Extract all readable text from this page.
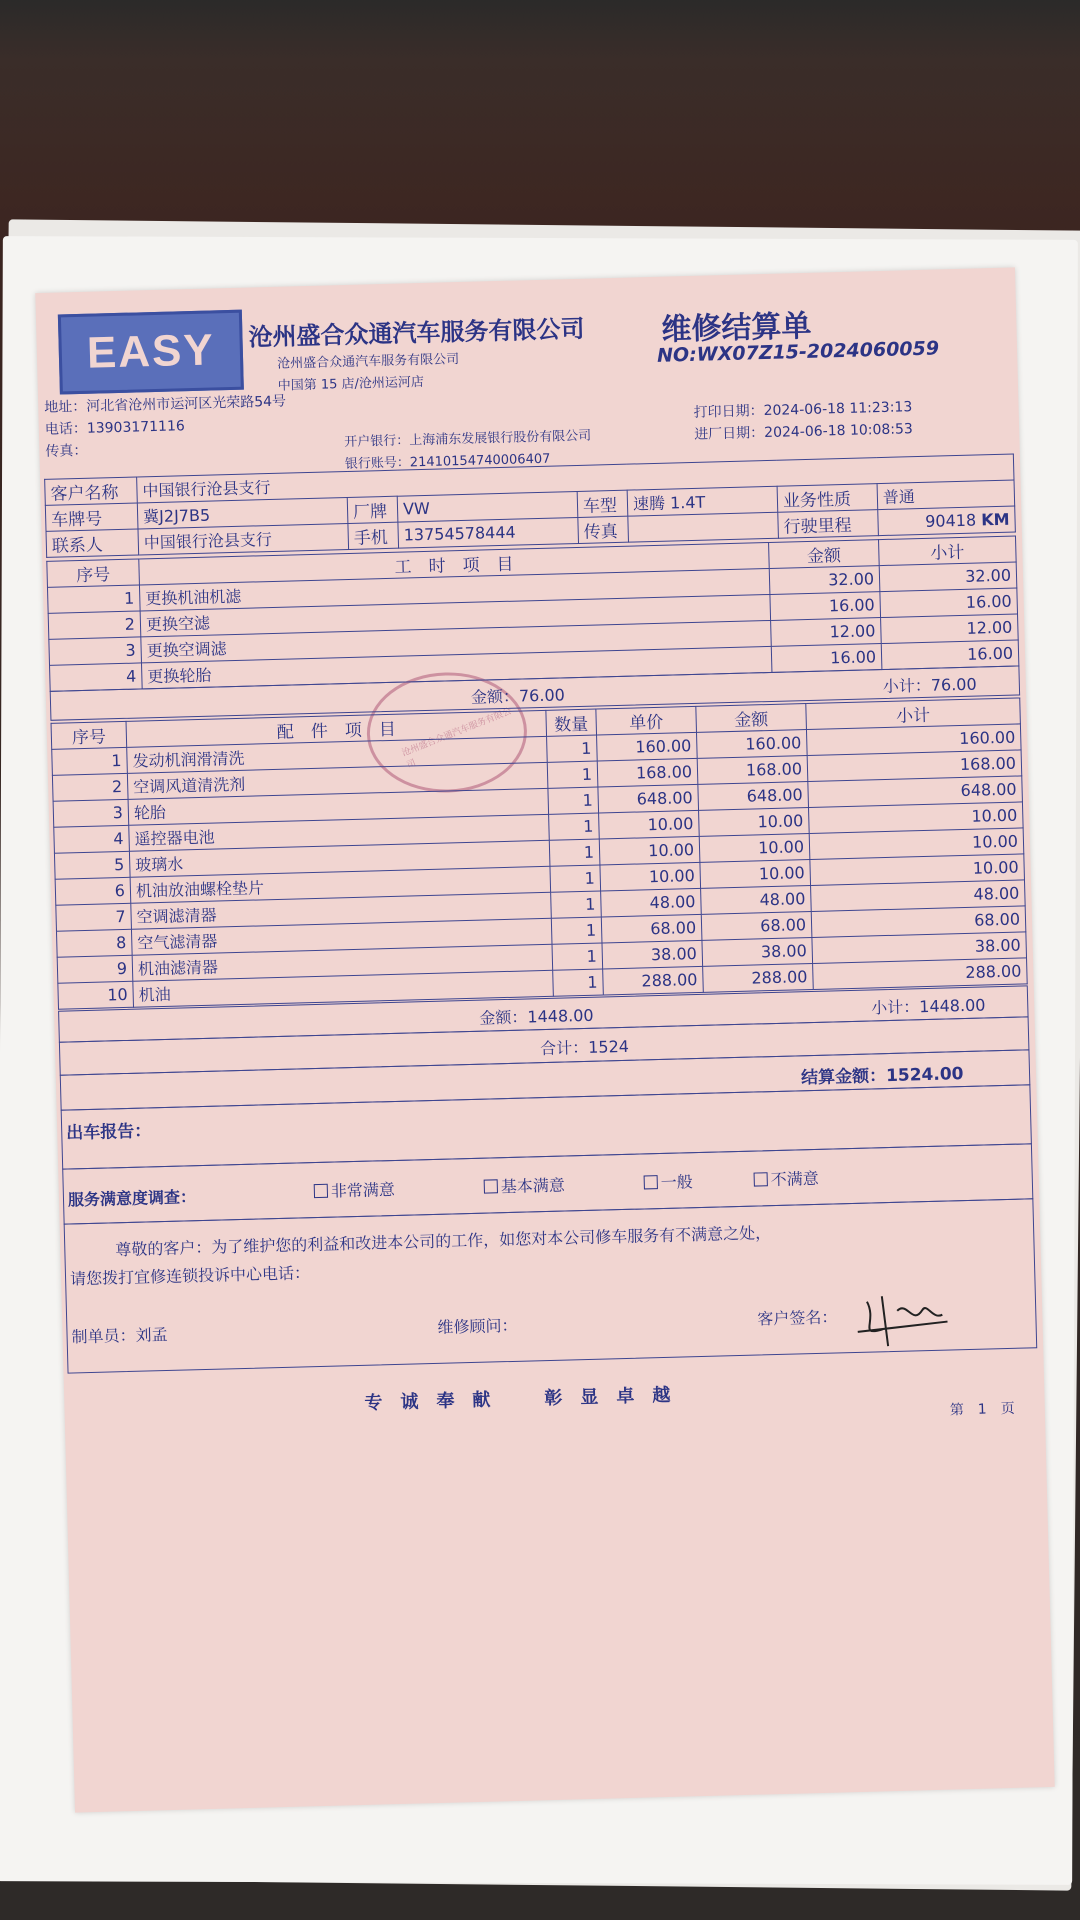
EASY 沧州盛合众通汽车服务有限公司
沧州盛合众通汽车服务有限公司
中国第 15 店/沧州运河店
维修结算单
NO:WX07Z15-2024060059
地址：河北省沧州市运河区光荣路54号
电话：13903171116
传真：
开户银行：上海浦东发展银行股份有限公司
银行账号：21410154740006407
打印日期：2024-06-18 11:23:13
进厂日期：2024-06-18 10:08:53
客户名称	中国银行沧县支行						
车牌号	冀J2J7B5	厂牌	VW	车型	速腾 1.4T	业务性质	普通
联系人	中国银行沧县支行	手机	13754578444	传真		行驶里程	90418 KM
序号	工　时　项　目	金额	小计
1	更换机油机滤	32.00	32.00
2	更换空滤	16.00	16.00
3	更换空调滤	12.00	12.00
4	更换轮胎	16.00	16.00
沧州盛合众通汽车服务有限公司
金额：76.00
小计：76.00
序号	配　件　项　目	数量	单价	金额	小计
1	发动机润滑清洗	1	160.00	160.00	160.00
2	空调风道清洗剂	1	168.00	168.00	168.00
3	轮胎	1	648.00	648.00	648.00
4	遥控器电池	1	10.00	10.00	10.00
5	玻璃水	1	10.00	10.00	10.00
6	机油放油螺栓垫片	1	10.00	10.00	10.00
7	空调滤清器	1	48.00	48.00	48.00
8	空气滤清器	1	68.00	68.00	68.00
9	机油滤清器	1	38.00	38.00	38.00
10	机油	1	288.00	288.00	288.00
金额：1448.00	小计：1448.00
合计：1524
结算金额：1524.00
出车报告：
服务满意度调查：	非常满意	基本满意	一般	不满意
尊敬的客户：为了维护您的利益和改进本公司的工作，如您对本公司修车服务有不满意之处，
请您拨打宜修连锁投诉中心电话：
制单员：刘孟	维修顾问：	客户签名：
专　诚　奉　献　　　彰　显　卓　越	第　1　页
